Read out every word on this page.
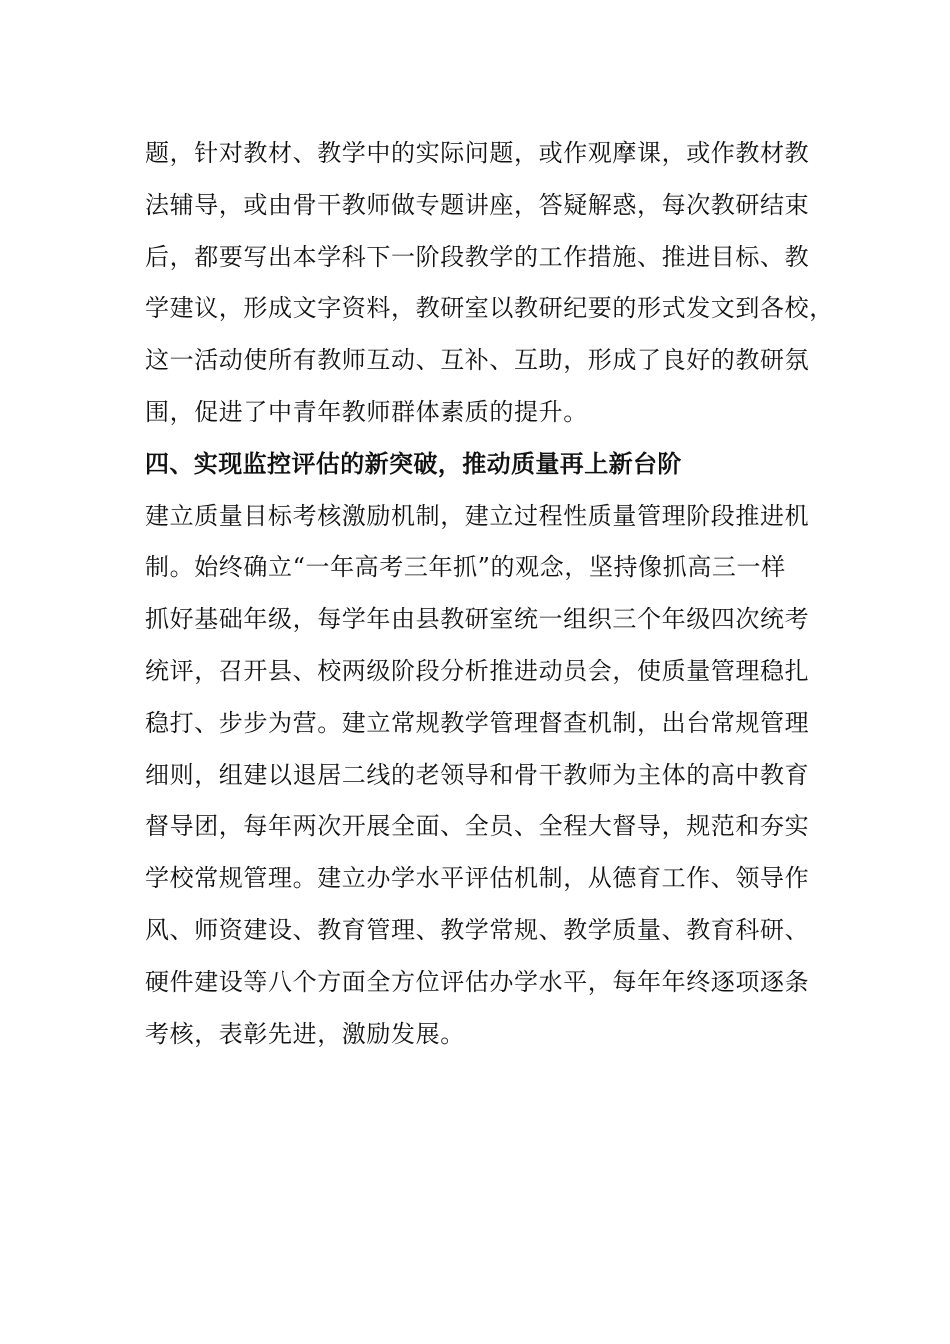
题，针对教材、教学中的实际问题，或作观摩课，或作教材教
法辅导，或由骨干教师做专题讲座，答疑解惑，每次教研结束
后，都要写出本学科下一阶段教学的工作措施、推进目标、教
学建议，形成文字资料，教研室以教研纪要的形式发文到各校，
这一活动使所有教师互动、互补、互助，形成了良好的教研氛
围，促进了中青年教师群体素质的提升。
四、实现监控评估的新突破，推动质量再上新台阶
建立质量目标考核激励机制，建立过程性质量管理阶段推进机
制。始终确立“一年高考三年抓”的观念，坚持像抓高三一样
抓好基础年级，每学年由县教研室统一组织三个年级四次统考
统评，召开县、校两级阶段分析推进动员会，使质量管理稳扎
稳打、步步为营。建立常规教学管理督查机制，出台常规管理
细则，组建以退居二线的老领导和骨干教师为主体的高中教育
督导团，每年两次开展全面、全员、全程大督导，规范和夯实
学校常规管理。建立办学水平评估机制，从德育工作、领导作
风、师资建设、教育管理、教学常规、教学质量、教育科研、
硬件建设等八个方面全方位评估办学水平，每年年终逐项逐条
考核，表彰先进，激励发展。
